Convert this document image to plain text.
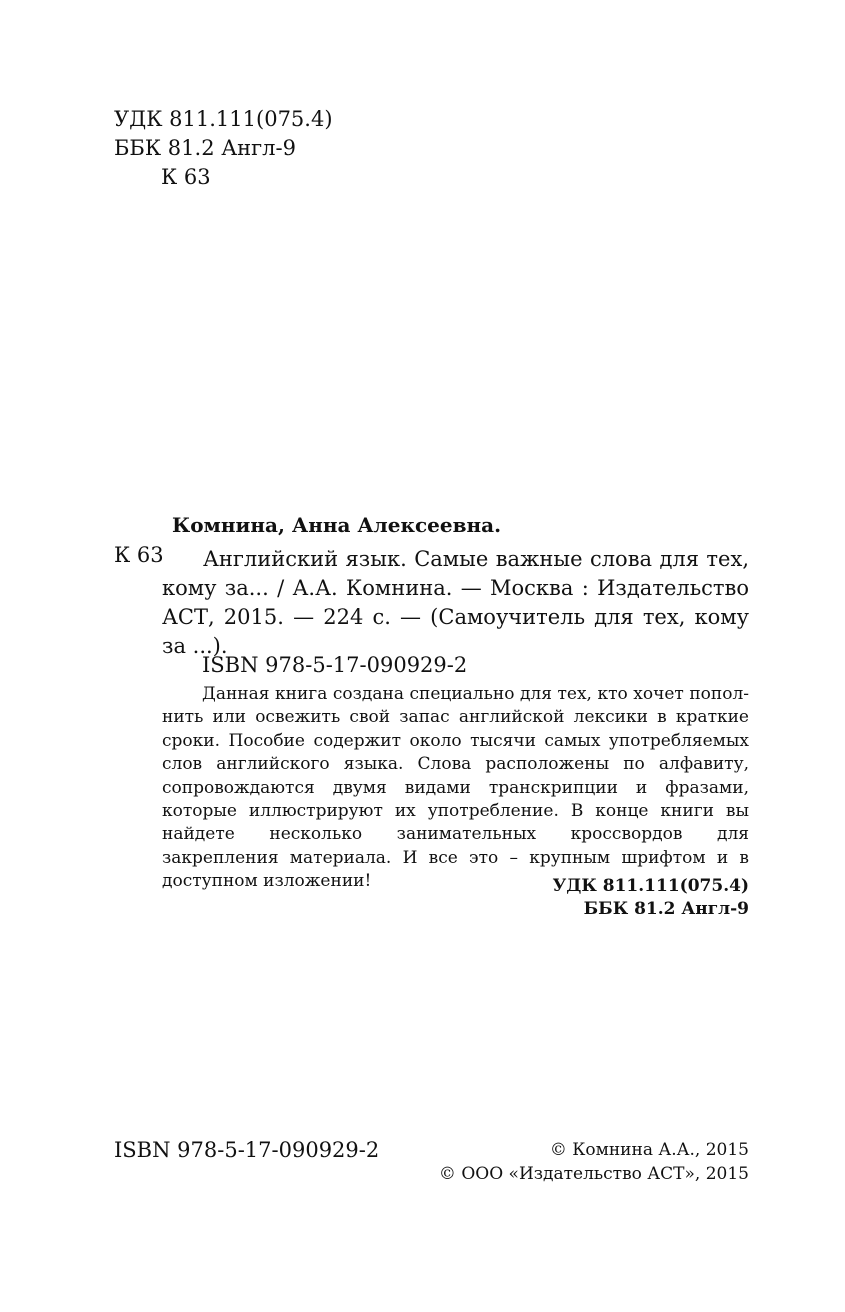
УДК 811.111(075.4)
ББК 81.2 Англ-9
К 63
Комнина, Анна Алексеевна.
К 63	Английский язык. Самые важные слова для тех, кому за... / А.А. Комнина. — Москва : Издательство АСТ, 2015. — 224 с. — (Самоучитель для тех, кому за ...).
ISBN 978-5-17-090929-2
Данная книга создана специально для тех, кто хочет пополнить или освежить свой запас английской лексики в краткие сроки. Пособие содержит около тысячи самых употребляемых слов английского языка. Слова расположены по алфавиту, сопровождаются двумя видами транскрипции и фразами, которые иллюстрируют их употребление. В конце книги вы найдете несколько занимательных кроссвордов для закрепления материала. И все это – крупным шрифтом и в доступном изложении!	УДК 811.111(075.4)
ББК 81.2 Англ-9
ISBN 978-5-17-090929-2	© Комнина А.А., 2015
© ООО «Издательство АСТ», 2015
